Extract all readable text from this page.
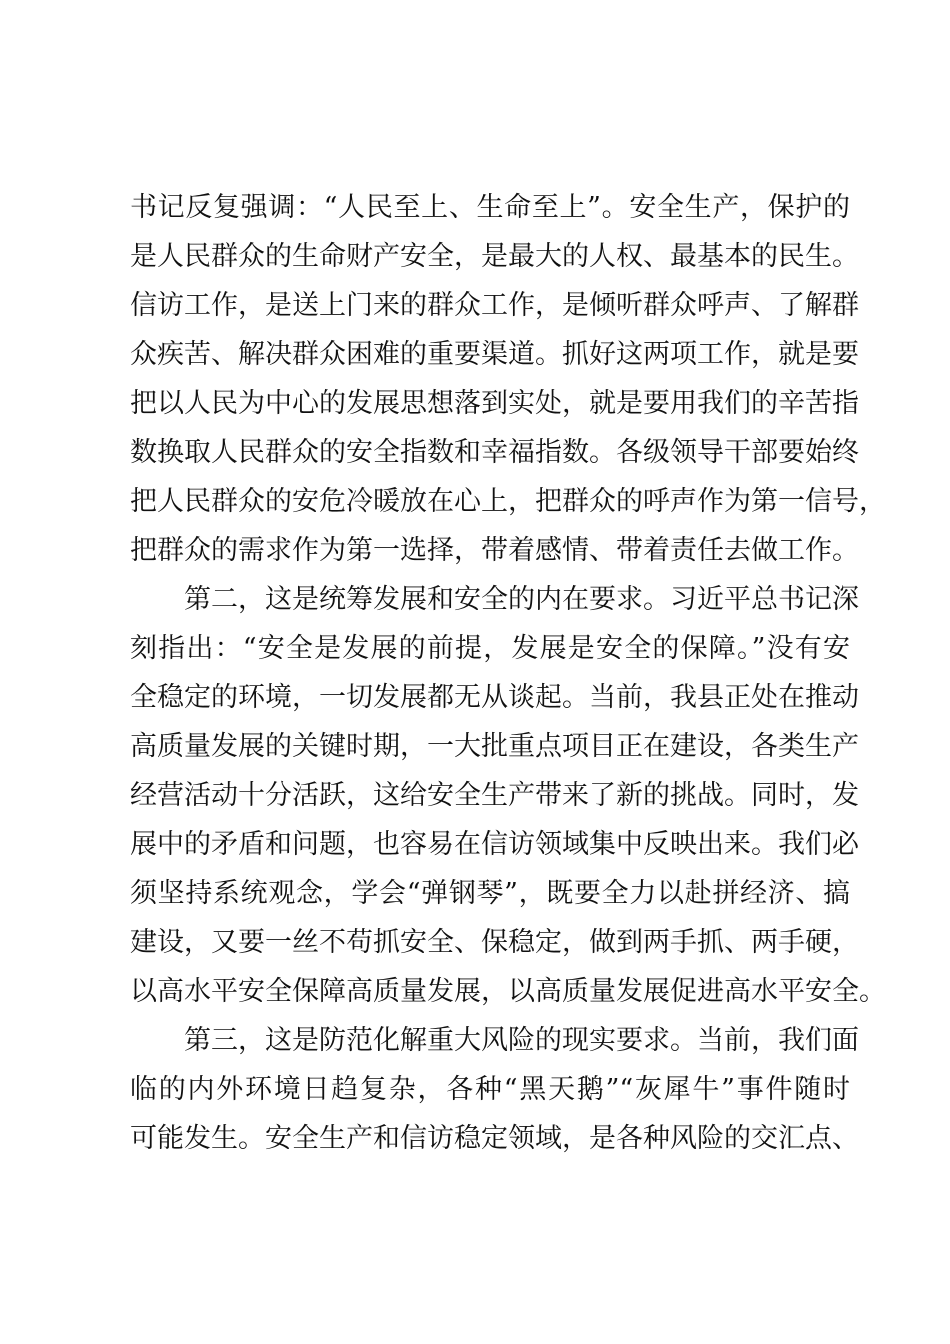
书记反复强调：“人民至上、生命至上”。安全生产，保护的
是人民群众的生命财产安全，是最大的人权、最基本的民生。
信访工作，是送上门来的群众工作，是倾听群众呼声、了解群
众疾苦、解决群众困难的重要渠道。抓好这两项工作，就是要
把以人民为中心的发展思想落到实处，就是要用我们的辛苦指
数换取人民群众的安全指数和幸福指数。各级领导干部要始终
把人民群众的安危冷暖放在心上，把群众的呼声作为第一信号，
把群众的需求作为第一选择，带着感情、带着责任去做工作。
　　第二，这是统筹发展和安全的内在要求。习近平总书记深
刻指出：“安全是发展的前提，发展是安全的保障。”没有安
全稳定的环境，一切发展都无从谈起。当前，我县正处在推动
高质量发展的关键时期，一大批重点项目正在建设，各类生产
经营活动十分活跃，这给安全生产带来了新的挑战。同时，发
展中的矛盾和问题，也容易在信访领域集中反映出来。我们必
须坚持系统观念，学会“弹钢琴”，既要全力以赴拼经济、搞
建设，又要一丝不苟抓安全、保稳定，做到两手抓、两手硬，
以高水平安全保障高质量发展，以高质量发展促进高水平安全。
　　第三，这是防范化解重大风险的现实要求。当前，我们面
临的内外环境日趋复杂，各种“黑天鹅”“灰犀牛”事件随时
可能发生。安全生产和信访稳定领域，是各种风险的交汇点、
